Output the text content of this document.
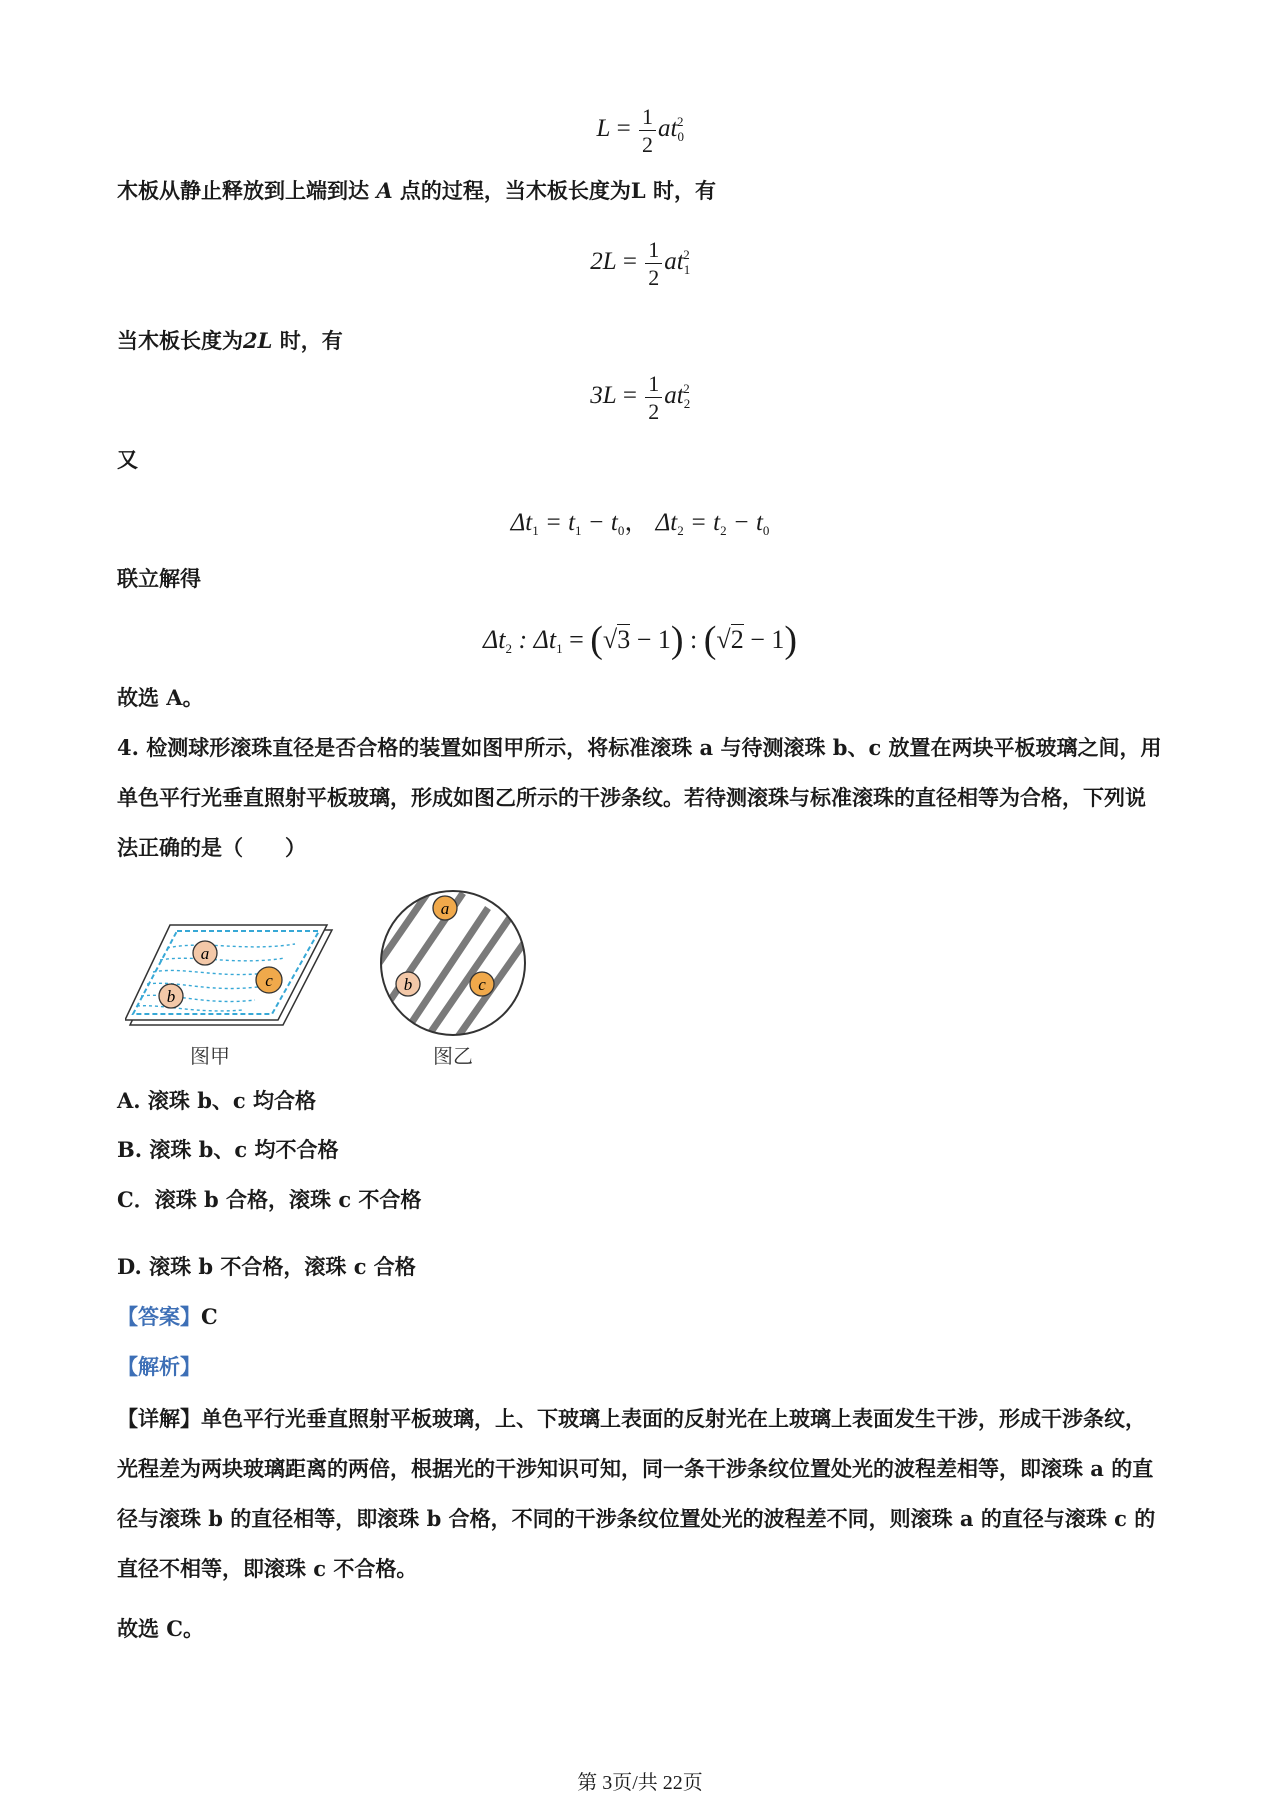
$L = \frac{1}{2} at_0^2$
木板从静止释放到上端到达 A 点的过程，当木板长度为L 时，有
$2L = \frac{1}{2} at_1^2$
当木板长度为2L 时，有
$3L = \frac{1}{2} at_2^2$
又
$\Delta t_1 = t_1 - t_0$， $\Delta t_2 = t_2 - t_0$
联立解得
$\Delta t_2$ : $\Delta t_1 = (√3 - 1)$ : (√2 − 1)
故选 A。
4. 检测球形滚珠直径是否合格的装置如图甲所示，将标准滚珠 a 与待测滚珠 b、c 放置在两块平板玻璃之间，用单色平行光垂直照射平板玻璃，形成如图乙所示的干涉条纹。若待测滚珠与标准滚珠的直径相等为合格，下列说法正确的是（　　）
a
b
c
图甲
a
b	c
图乙
A. 滚珠 b、c 均合格
B. 滚珠 b、c 均不合格
C．滚珠 b 合格，滚珠 c 不合格
D. 滚珠 b 不合格，滚珠 c 合格
【答案】C
【解析】
【详解】单色平行光垂直照射平板玻璃，上、下玻璃上表面的反射光在上玻璃上表面发生干涉，形成干涉条纹，光程差为两块玻璃距离的两倍，根据光的干涉知识可知，同一条干涉条纹位置处光的波程差相等，即滚珠 a 的直径与滚珠 b 的直径相等，即滚珠 b 合格，不同的干涉条纹位置处光的波程差不同，则滚珠 a 的直径与滚珠 c 的直径不相等，即滚珠 c 不合格。
故选 C。
第 3页/共 22页
